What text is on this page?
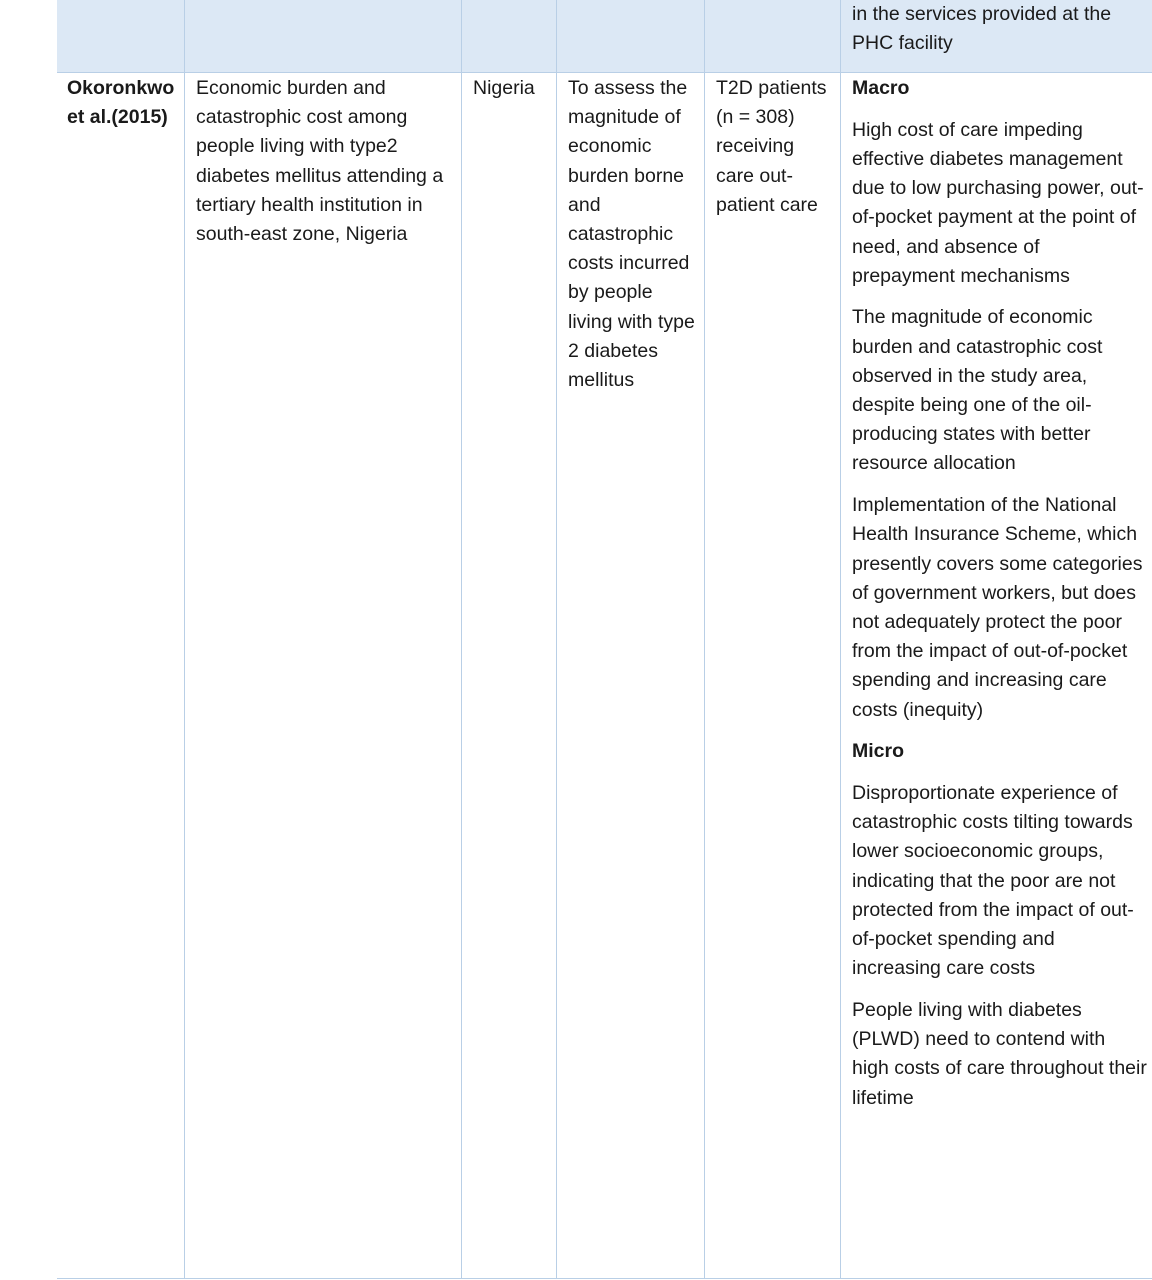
in the services provided at the PHC facility
Okoronkwo et al.(2015)
Economic burden and catastrophic cost among people living with type2 diabetes mellitus attending a tertiary health institution in south-east zone, Nigeria
Nigeria	To assess the magnitude of economic burden borne and catastrophic costs incurred by people living with type 2 diabetes mellitus
T2D patients (n = 308) receiving care out-patient care
Macro
High cost of care impeding effective diabetes management due to low purchasing power, out-of-pocket payment at the point of need, and absence of prepayment mechanisms
The magnitude of economic burden and catastrophic cost observed in the study area, despite being one of the oil-producing states with better resource allocation
Implementation of the National Health Insurance Scheme, which presently covers some categories of government workers, but does not adequately protect the poor from the impact of out-of-pocket spending and increasing care costs (inequity)
Micro
Disproportionate experience of catastrophic costs tilting towards lower socioeconomic groups, indicating that the poor are not protected from the impact of out-of-pocket spending and increasing care costs
People living with diabetes (PLWD) need to contend with high costs of care throughout their lifetime
